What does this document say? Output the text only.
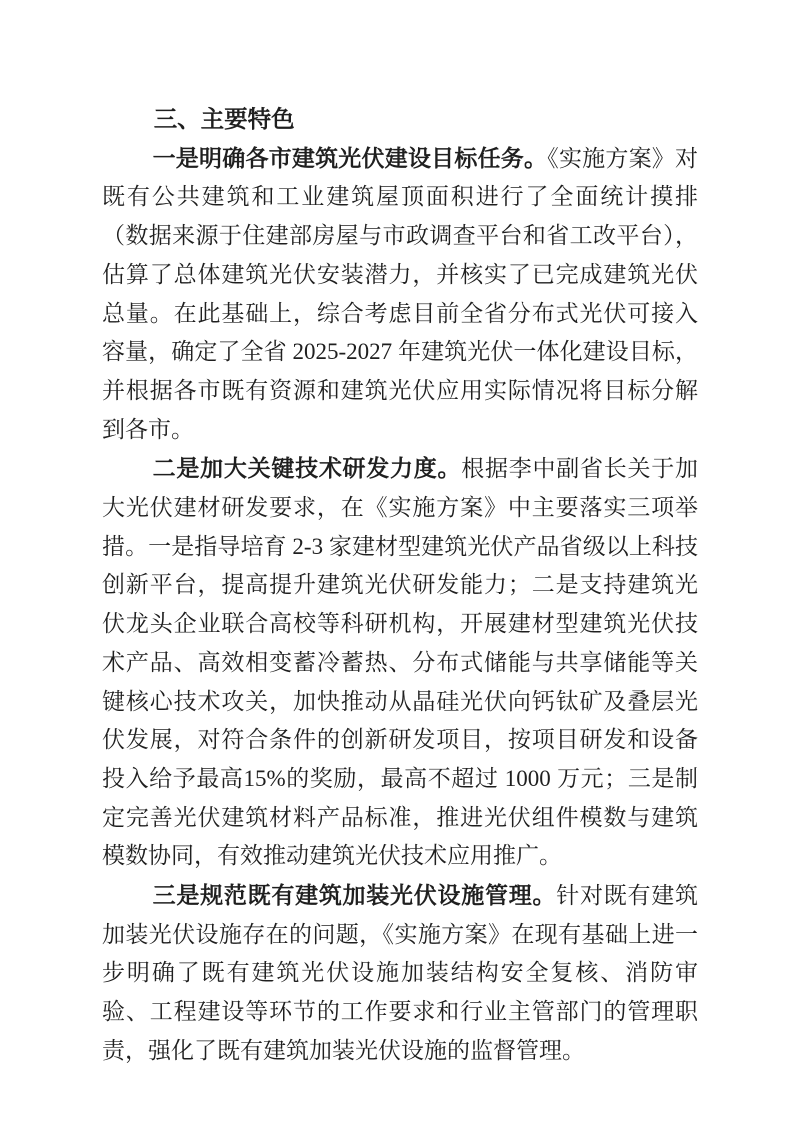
三、主要特色

一是明确各市建筑光伏建设目标任务。《实施方案》对既有公共建筑和工业建筑屋顶面积进行了全面统计摸排（数据来源于住建部房屋与市政调查平台和省工改平台），估算了总体建筑光伏安装潜力，并核实了已完成建筑光伏总量。在此基础上，综合考虑目前全省分布式光伏可接入容量，确定了全省 2025-2027 年建筑光伏一体化建设目标，并根据各市既有资源和建筑光伏应用实际情况将目标分解到各市。

二是加大关键技术研发力度。根据李中副省长关于加大光伏建材研发要求，在《实施方案》中主要落实三项举措。一是指导培育 2-3 家建材型建筑光伏产品省级以上科技创新平台，提高提升建筑光伏研发能力；二是支持建筑光伏龙头企业联合高校等科研机构，开展建材型建筑光伏技术产品、高效相变蓄冷蓄热、分布式储能与共享储能等关键核心技术攻关，加快推动从晶硅光伏向钙钛矿及叠层光伏发展，对符合条件的创新研发项目，按项目研发和设备投入给予最高15%的奖励，最高不超过 1000 万元；三是制定完善光伏建筑材料产品标准，推进光伏组件模数与建筑模数协同，有效推动建筑光伏技术应用推广。

三是规范既有建筑加装光伏设施管理。针对既有建筑加装光伏设施存在的问题，《实施方案》在现有基础上进一步明确了既有建筑光伏设施加装结构安全复核、消防审验、工程建设等环节的工作要求和行业主管部门的管理职责，强化了既有建筑加装光伏设施的监督管理。
